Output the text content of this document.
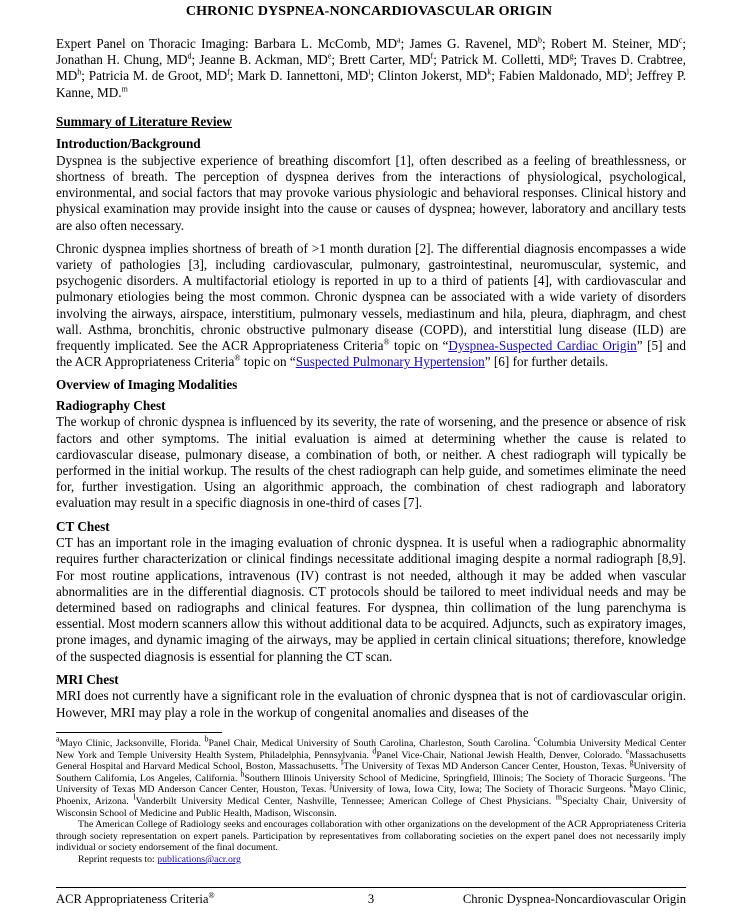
CHRONIC DYSPNEA-NONCARDIOVASCULAR ORIGIN

Expert Panel on Thoracic Imaging: Barbara L. McComb, $MD^a$; James G. Ravenel, $MD^b$; Robert M. Steiner, $MD^c$; Jonathan H. Chung, $MD^d$; Jeanne B. Ackman, MDe; Brett Carter, $MD^f$; Patrick M. Colletti, $MD^g$; Traves D. Crabtree, $MD^h$; Patricia M. de Groot, $MD^f$; Mark D. Iannettoni, $MD^i$; Clinton Jokerst, $MD^k$; Fabien Maldonado, $MD^l$; Jeffrey P. Kanne, MD.$^m$

Summary of Literature Review
Introduction/Background

Dyspnea is the subjective experience of breathing discomfort [1], often described as a feeling of breathlessness, or shortness of breath. The perception of dyspnea derives from the interactions of physiological, psychological, environmental, and social factors that may provoke various physiologic and behavioral responses. Clinical history and physical examination may provide insight into the cause or causes of dyspnea; however, laboratory and ancillary tests are also often necessary.

Chronic dyspnea implies shortness of breath of >1 month duration [2]. The differential diagnosis encompasses a wide variety of pathologies [3], including cardiovascular, pulmonary, gastrointestinal, neuromuscular, systemic, and psychogenic disorders. A multifactorial etiology is reported in up to a third of patients [4], with cardiovascular and pulmonary etiologies being the most common. Chronic dyspnea can be associated with a wide variety of disorders involving the airways, airspace, interstitium, pulmonary vessels, mediastinum and hila, pleura, diaphragm, and chest wall. Asthma, bronchitis, chronic obstructive pulmonary disease (COPD), and interstitial lung disease (ILD) are frequently implicated. See the ACR Appropriateness Criteria® topic on “Dyspnea-Suspected Cardiac Origin” [5] and the ACR Appropriateness Criteria® topic on “Suspected Pulmonary Hypertension” [6] for further details.

Overview of Imaging Modalities
Radiography Chest

The workup of chronic dyspnea is influenced by its severity, the rate of worsening, and the presence or absence of risk factors and other symptoms. The initial evaluation is aimed at determining whether the cause is related to cardiovascular disease, pulmonary disease, a combination of both, or neither. A chest radiograph will typically be performed in the initial workup. The results of the chest radiograph can help guide, and sometimes eliminate the need for, further investigation. Using an algorithmic approach, the combination of chest radiograph and laboratory evaluation may result in a specific diagnosis in one-third of cases [7].

CT Chest

CT has an important role in the imaging evaluation of chronic dyspnea. It is useful when a radiographic abnormality requires further characterization or clinical findings necessitate additional imaging despite a normal radiograph [8,9]. For most routine applications, intravenous (IV) contrast is not needed, although it may be added when vascular abnormalities are in the differential diagnosis. CT protocols should be tailored to meet individual needs and may be determined based on radiographs and clinical features. For dyspnea, thin collimation of the lung parenchyma is essential. Most modern scanners allow this without additional data to be acquired. Adjuncts, such as expiratory images, prone images, and dynamic imaging of the airways, may be applied in certain clinical situations; therefore, knowledge of the suspected diagnosis is essential for planning the CT scan.

MRI Chest

MRI does not currently have a significant role in the evaluation of chronic dyspnea that is not of cardiovascular origin. However, MRI may play a role in the workup of congenital anomalies and diseases of the

$^a$Mayo Clinic, Jacksonville, Florida. $^b$Panel Chair, Medical University of South Carolina, Charleston, South Carolina. $^c$Columbia University Medical Center New York and Temple University Health System, Philadelphia, Pennsylvania. $^d$Panel Vice-Chair, National Jewish Health, Denver, Colorado. $^e$Massachusetts General Hospital and Harvard Medical School, Boston, Massachusetts. $^f$The University of Texas MD Anderson Cancer Center, Houston, Texas. $^g$University of Southern California, Los Angeles, California. $^h$Southern Illinois University School of Medicine, Springfield, Illinois; The Society of Thoracic Surgeons. $^i$The University of Texas MD Anderson Cancer Center, Houston, Texas. $^j$University of Iowa, Iowa City, Iowa; The Society of Thoracic Surgeons. $^k$Mayo Clinic, Phoenix, Arizona. $^l$Vanderbilt University Medical Center, Nashville, Tennessee; American College of Chest Physicians. $^m$Specialty Chair, University of Wisconsin School of Medicine and Public Health, Madison, Wisconsin.

The American College of Radiology seeks and encourages collaboration with other organizations on the development of the ACR Appropriateness Criteria through society representation on expert panels. Participation by representatives from collaborating societies on the expert panel does not necessarily imply individual or society endorsement of the final document.

Reprint requests to: publications@acr.org

ACR Appropriateness Criteria®	3	Chronic Dyspnea-Noncardiovascular Origin
